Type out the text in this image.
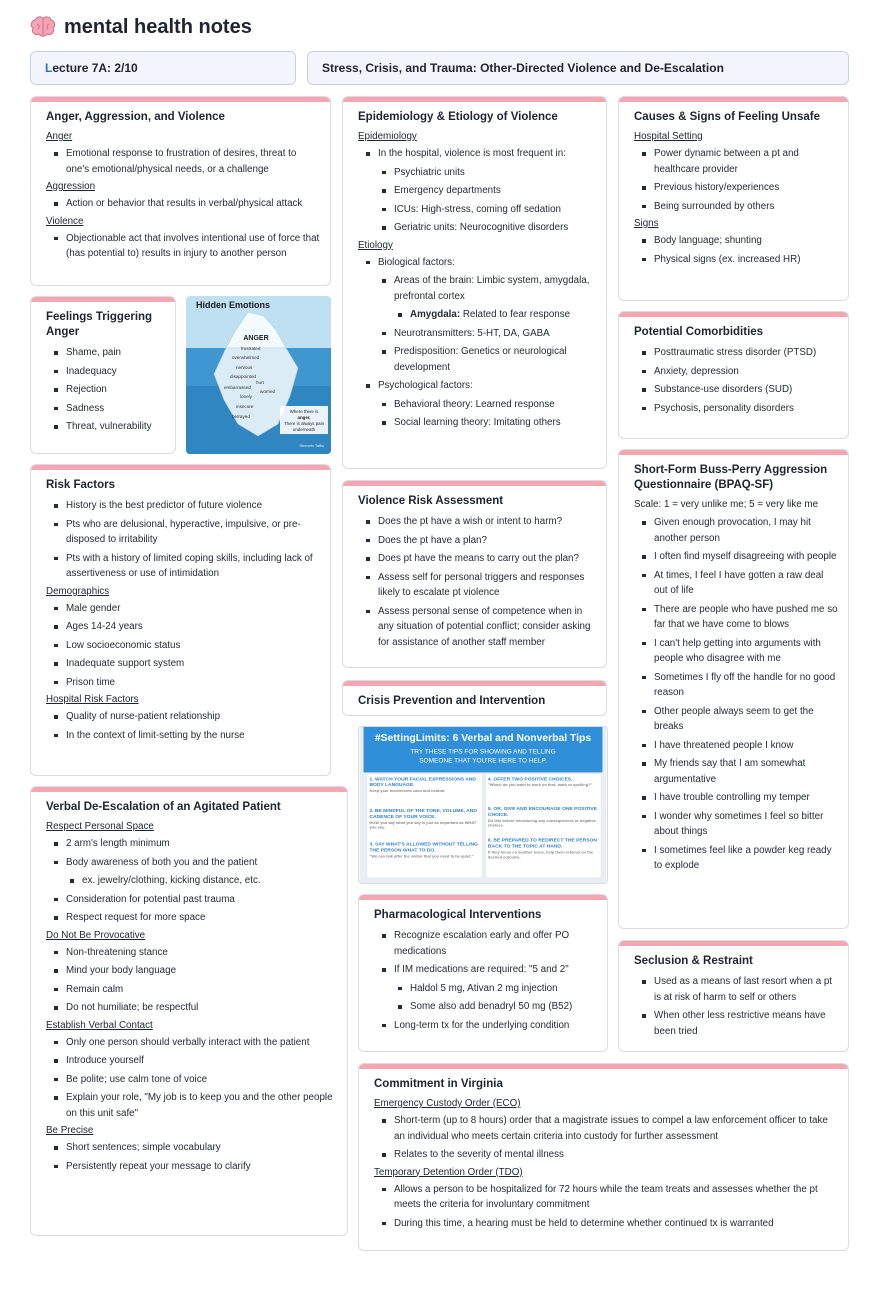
mental health notes
L ecture 7A: 2/10	Stress, Crisis, and Trauma: Other-Directed Violence and De-Escalation
Anger, Aggression, and Violence
Anger
Emotional response to frustration of desires, threat to one's emotional/physical needs, or a challenge
Aggression
Action or behavior that results in verbal/physical attack
Violence
Objectionable act that involves intentional use of force that (has potential to) results in injury to another person
Feelings Triggering Anger
Shame, pain
Inadequacy
Rejection
Sadness
Threat, vulnerability
Hidden Emotions
ANGER
frustrated
overwhelmed
nervous
disappointed
hurt
embarrassed
lonely
worried
insecure
betrayed
Where there is
anger,
There is always pain
underneath
Sherwin Talks
Risk Factors
History is the best predictor of future violence
Pts who are delusional, hyperactive, impulsive, or pre-disposed to irritability
Pts with a history of limited coping skills, including lack of assertiveness or use of intimidation
Demographics
Male gender
Ages 14-24 years
Low socioeconomic status
Inadequate support system
Prison time
Hospital Risk Factors
Quality of nurse-patient relationship
In the context of limit-setting by the nurse
Verbal De-Escalation of an Agitated Patient
Respect Personal Space
2 arm's length minimum
Body awareness of both you and the patient
ex. jewelry/clothing, kicking distance, etc.
Consideration for potential past trauma
Respect request for more space
Do Not Be Provocative
Non-threatening stance
Mind your body language
Remain calm
Do not humiliate; be respectful
Establish Verbal Contact
Only one person should verbally interact with the patient
Introduce yourself
Be polite; use calm tone of voice
Explain your role, "My job is to keep you and the other people on this unit safe"
Be Precise
Short sentences; simple vocabulary
Persistently repeat your message to clarify
Epidemiology & Etiology of Violence
Epidemiology
In the hospital, violence is most frequent in:
Psychiatric units
Emergency departments
ICUs: High-stress, coming off sedation
Geriatric units: Neurocognitive disorders
Etiology
Biological factors:
Areas of the brain: Limbic system, amygdala, prefrontal cortex
Amygdala: Related to fear response
Neurotransmitters: 5-HT, DA, GABA
Predisposition: Genetics or neurological development
Psychological factors:
Behavioral theory: Learned response
Social learning theory: Imitating others
Violence Risk Assessment
Does the pt have a wish or intent to harm?
Does the pt have a plan?
Does pt have the means to carry out the plan?
Assess self for personal triggers and responses likely to escalate pt violence
Assess personal sense of competence when in any situation of potential conflict; consider asking for assistance of another staff member
Crisis Prevention and Intervention
#SettingLimits: 6 Verbal and Nonverbal Tips
TRY THESE TIPS FOR SHOWING AND TELLING
SOMEONE THAT YOU'RE HERE TO HELP.
1. WATCH YOUR FACIAL EXPRESSIONS AND BODY LANGUAGE.
Keep your movements calm and neutral.
2. BE MINDFUL OF THE TONE, VOLUME, AND CADENCE OF YOUR VOICE.
HOW you say what you say is just as important as WHAT you say.
3. SAY WHAT'S ALLOWED WITHOUT TELLING THE PERSON WHAT TO DO.
"We can talk after the visitor that you need to be quiet."
4. OFFER TWO POSITIVE CHOICES.
"Which do you want to work on first, math or spelling?"
5. OR, GIVE AND ENCOURAGE ONE POSITIVE CHOICE.
Do this before introducing any consequences or negative choices.
6. BE PREPARED TO REDIRECT THE PERSON BACK TO THE TOPIC AT HAND.
If they focus on another issue, help them refocus on the desired outcome.
Pharmacological Interventions
Recognize escalation early and offer PO medications
If IM medications are required: "5 and 2"
Haldol 5 mg, Ativan 2 mg injection
Some also add benadryl 50 mg (B52)
Long-term tx for the underlying condition
Causes & Signs of Feeling Unsafe
Hospital Setting
Power dynamic between a pt and healthcare provider
Previous history/experiences
Being surrounded by others
Signs
Body language; shunting
Physical signs (ex. increased HR)
Potential Comorbidities
Posttraumatic stress disorder (PTSD)
Anxiety, depression
Substance-use disorders (SUD)
Psychosis, personality disorders
Short-Form Buss-Perry Aggression Questionnaire (BPAQ-SF)
Scale: 1 = very unlike me; 5 = very like me
Given enough provocation, I may hit another person
I often find myself disagreeing with people
At times, I feel I have gotten a raw deal out of life
There are people who have pushed me so far that we have come to blows
I can't help getting into arguments with people who disagree with me
Sometimes I fly off the handle for no good reason
Other people always seem to get the breaks
I have threatened people I know
My friends say that I am somewhat argumentative
I have trouble controlling my temper
I wonder why sometimes I feel so bitter about things
I sometimes feel like a powder keg ready to explode
Seclusion & Restraint
Used as a means of last resort when a pt is at risk of harm to self or others
When other less restrictive means have been tried
Commitment in Virginia
Emergency Custody Order (ECO)
Short-term (up to 8 hours) order that a magistrate issues to compel a law enforcement officer to take an individual who meets certain criteria into custody for further assessment
Relates to the severity of mental illness
Temporary Detention Order (TDO)
Allows a person to be hospitalized for 72 hours while the team treats and assesses whether the pt meets the criteria for involuntary commitment
During this time, a hearing must be held to determine whether continued tx is warranted
